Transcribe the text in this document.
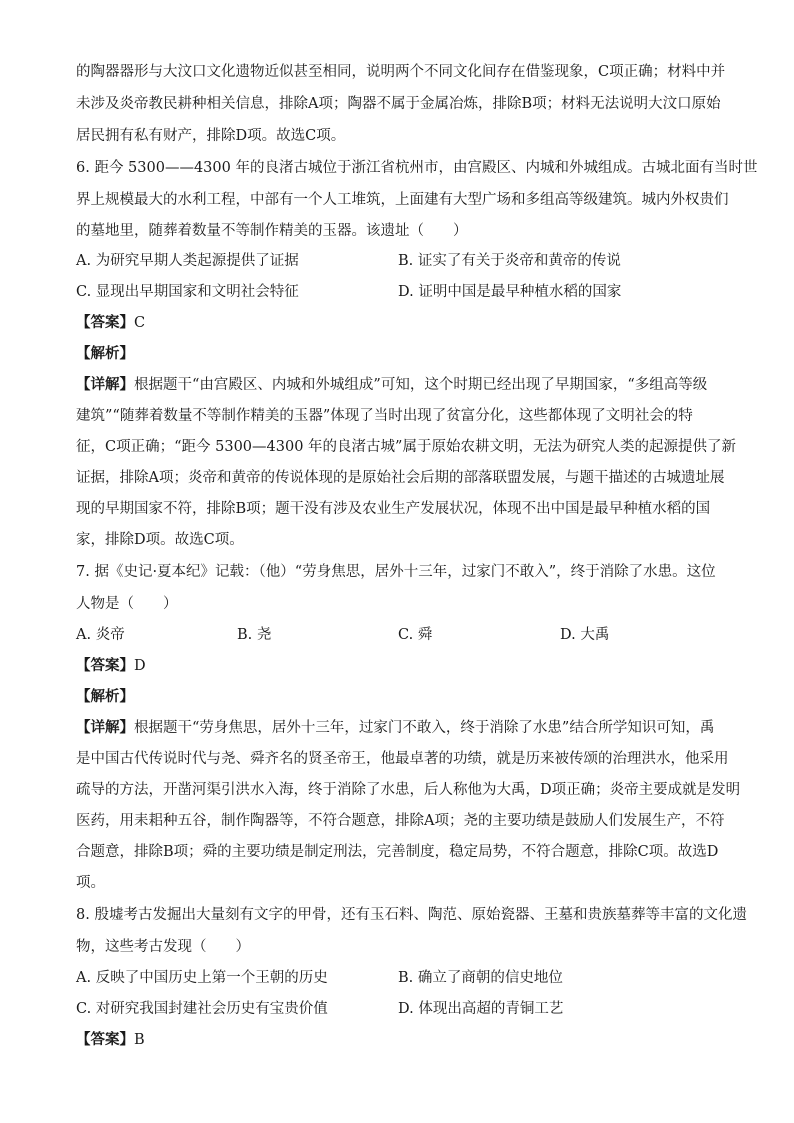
的陶器器形与大汶口文化遗物近似甚至相同，说明两个不同文化间存在借鉴现象，C项正确；材料中并
未涉及炎帝教民耕种相关信息，排除A项；陶器不属于金属冶炼，排除B项；材料无法说明大汶口原始
居民拥有私有财产，排除D项。故选C项。
6. 距今 5300——4300 年的良渚古城位于浙江省杭州市，由宫殿区、内城和外城组成。古城北面有当时世
界上规模最大的水利工程，中部有一个人工堆筑，上面建有大型广场和多组高等级建筑。城内外权贵们
的墓地里，随葬着数量不等制作精美的玉器。该遗址（　　）
A. 为研究早期人类起源提供了证据	B. 证实了有关于炎帝和黄帝的传说
C. 显现出早期国家和文明社会特征	D. 证明中国是最早种植水稻的国家
【答案】C
【解析】
【详解】根据题干“由宫殿区、内城和外城组成”可知，这个时期已经出现了早期国家，“多组高等级
建筑”“随葬着数量不等制作精美的玉器”体现了当时出现了贫富分化，这些都体现了文明社会的特
征，C项正确；“距今 5300—4300 年的良渚古城”属于原始农耕文明，无法为研究人类的起源提供了新
证据，排除A项；炎帝和黄帝的传说体现的是原始社会后期的部落联盟发展，与题干描述的古城遗址展
现的早期国家不符，排除B项；题干没有涉及农业生产发展状况，体现不出中国是最早种植水稻的国
家，排除D项。故选C项。
7. 据《史记·夏本纪》记载：（他）“劳身焦思，居外十三年，过家门不敢入”，终于消除了水患。这位
人物是（　　）
A. 炎帝	B. 尧	C. 舜	D. 大禹
【答案】D
【解析】
【详解】根据题干“劳身焦思，居外十三年，过家门不敢入，终于消除了水患”结合所学知识可知，禹
是中国古代传说时代与尧、舜齐名的贤圣帝王，他最卓著的功绩，就是历来被传颂的治理洪水，他采用
疏导的方法，开凿河渠引洪水入海，终于消除了水患，后人称他为大禹，D项正确；炎帝主要成就是发明
医药，用耒耜种五谷，制作陶器等，不符合题意，排除A项；尧的主要功绩是鼓励人们发展生产，不符
合题意，排除B项；舜的主要功绩是制定刑法，完善制度，稳定局势，不符合题意，排除C项。故选D
项。
8. 殷墟考古发掘出大量刻有文字的甲骨，还有玉石料、陶范、原始瓷器、王墓和贵族墓葬等丰富的文化遗
物，这些考古发现（　　）
A. 反映了中国历史上第一个王朝的历史	B. 确立了商朝的信史地位
C. 对研究我国封建社会历史有宝贵价值	D. 体现出高超的青铜工艺
【答案】B
